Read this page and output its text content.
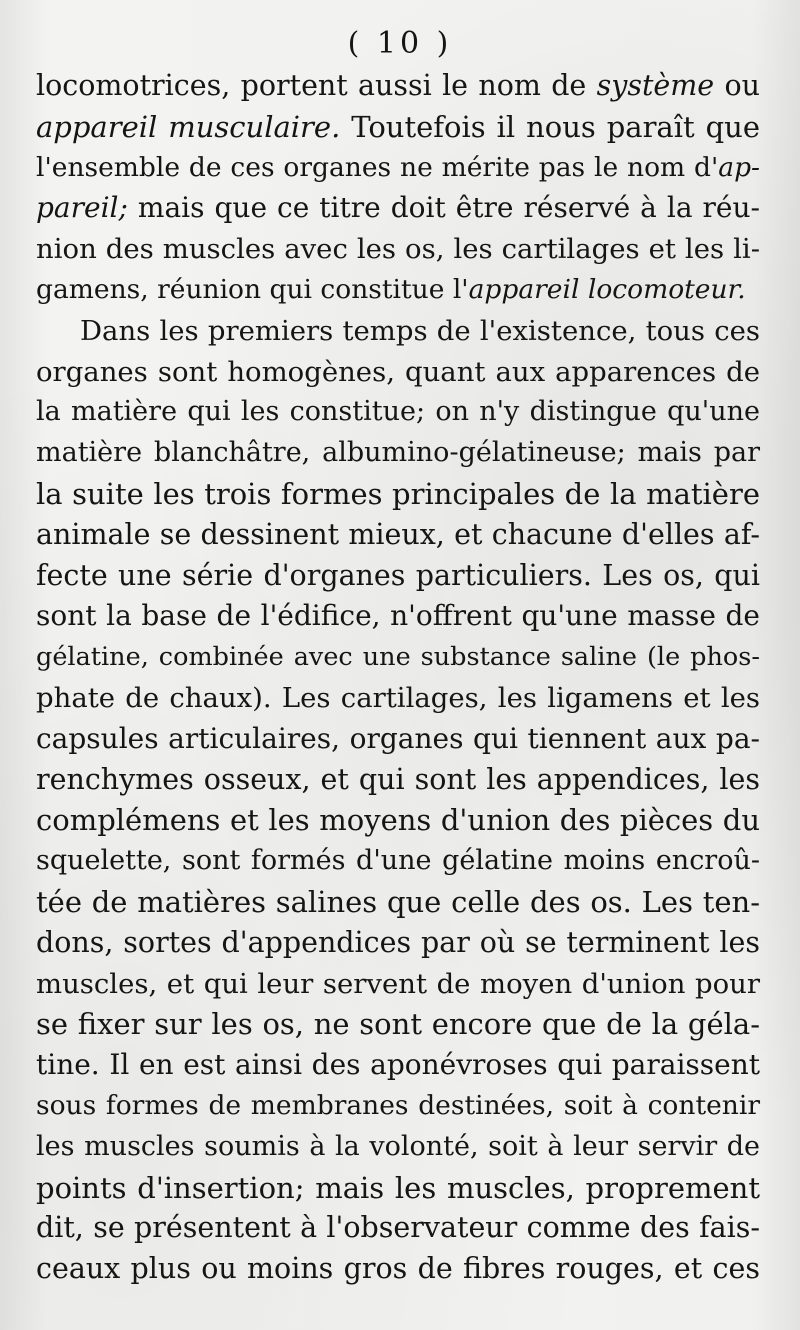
( 10 )
locomotrices, portent aussi le nom de système ou
appareil musculaire. Toutefois il nous paraît que
l'ensemble de ces organes ne mérite pas le nom d'ap-
pareil; mais que ce titre doit être réservé à la réu-
nion des muscles avec les os, les cartilages et les li-
gamens, réunion qui constitue l'appareil locomoteur.
Dans les premiers temps de l'existence, tous ces
organes sont homogènes, quant aux apparences de
la matière qui les constitue; on n'y distingue qu'une
matière blanchâtre, albumino-gélatineuse; mais par
la suite les trois formes principales de la matière
animale se dessinent mieux, et chacune d'elles af-
fecte une série d'organes particuliers. Les os, qui
sont la base de l'édifice, n'offrent qu'une masse de
gélatine, combinée avec une substance saline (le phos-
phate de chaux). Les cartilages, les ligamens et les
capsules articulaires, organes qui tiennent aux pa-
renchymes osseux, et qui sont les appendices, les
complémens et les moyens d'union des pièces du
squelette, sont formés d'une gélatine moins encroû-
tée de matières salines que celle des os. Les ten-
dons, sortes d'appendices par où se terminent les
muscles, et qui leur servent de moyen d'union pour
se fixer sur les os, ne sont encore que de la géla-
tine. Il en est ainsi des aponévroses qui paraissent
sous formes de membranes destinées, soit à contenir
les muscles soumis à la volonté, soit à leur servir de
points d'insertion; mais les muscles, proprement
dit, se présentent à l'observateur comme des fais-
ceaux plus ou moins gros de fibres rouges, et ces
